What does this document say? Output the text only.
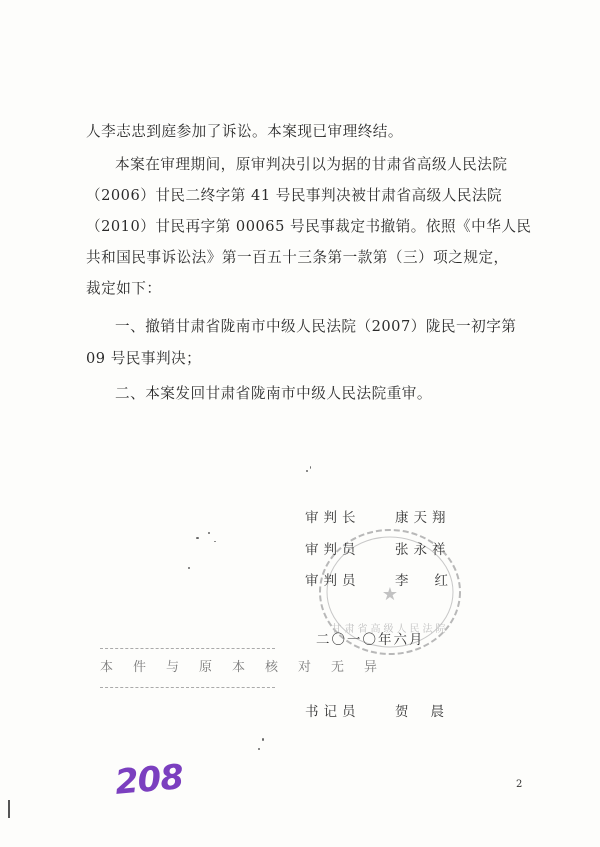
人李志忠到庭参加了诉讼。本案现已审理终结。
本案在审理期间，原审判决引以为据的甘肃省高级人民法院
（2006）甘民二终字第 41 号民事判决被甘肃省高级人民法院
（2010）甘民再字第 00065 号民事裁定书撤销。依照《中华人民
共和国民事诉讼法》第一百五十三条第一款第（三）项之规定，
裁定如下：
一、撤销甘肃省陇南市中级人民法院（2007）陇民一初字第
09 号民事判决；
二、本案发回甘肃省陇南市中级人民法院重审。
★
甘肃省高级人民法院
审判长	康天翔
审判员	张永祥
审判员	李红
二〇一〇年六月
书记员	贺晨
本件与原本核对无异
208	2
